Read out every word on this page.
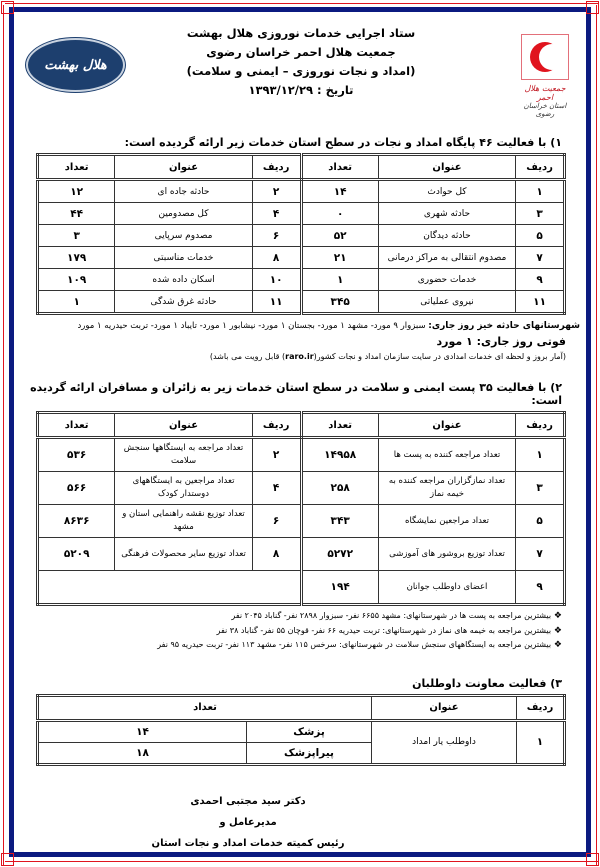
جمعیت هلال احمر
استان خراسان رضوی
ستاد اجرایی خدمات نوروزی هلال بهشت
جمعیت هلال احمر خراسان رضوی
(امداد و نجات نوروزی – ایمنی و سلامت)
تاریخ : ۱۳۹۳/۱۲/۲۹
هلال بهشت
۱) با فعالیت ۴۶ پایگاه امداد و نجات در سطح استان خدمات زیر ارائه گردیده است:
ردیف	عنوان	تعداد	ردیف	عنوان	تعداد
۱	کل حوادث	۱۴	۲	حادثه جاده ای	۱۲
۳	حادثه شهری	۰	۴	کل مصدومین	۴۴
۵	حادثه دیدگان	۵۲	۶	مصدوم سرپایی	۳
۷	مصدوم انتقالی به مراکز درمانی	۲۱	۸	خدمات مناسبتی	۱۷۹
۹	خدمات حضوری	۱	۱۰	اسکان داده شده	۱۰۹
۱۱	نیروی عملیاتی	۳۴۵	۱۱	حادثه غرق شدگی	۱
شهرستانهای حادثه خیز روز جاری: سبزوار ۹ مورد- مشهد ۱ مورد- بجستان ۱ مورد- نیشابور ۱ مورد- تایباد ۱ مورد- تربت حیدریه ۱ مورد
فوتی روز جاری: ۱ مورد
(آمار بروز و لحظه ای خدمات امدادی در سایت سازمان امداد و نجات کشور(raro.ir) قابل رویت می باشد)
۲) با فعالیت ۳۵ پست ایمنی و سلامت در سطح استان خدمات زیر به زائران و مسافران ارائه گردیده است:
ردیف	عنوان	تعداد	ردیف	عنوان	تعداد
۱	تعداد مراجعه کننده به پست ها	۱۴۹۵۸	۲	تعداد مراجعه به ایستگاهها سنجش سلامت	۵۳۶
۳	تعداد نمازگزاران مراجعه کننده به خیمه نماز	۲۵۸	۴	تعداد مراجعین به ایستگاههای دوستدار کودک	۵۶۶
۵	تعداد مراجعین نمایشگاه	۳۴۳	۶	تعداد توزیع نقشه راهنمایی استان و مشهد	۸۶۳۶
۷	تعداد توزیع بروشور های آموزشی	۵۲۷۲	۸	تعداد توزیع سایر محصولات فرهنگی	۵۲۰۹
۹	اعضای داوطلب جوانان	۱۹۴			
❖ بیشترین مراجعه به پست ها در شهرستانهای: مشهد ۶۶۵۵ نفر- سبزوار ۲۸۹۸ نفر- گناباد ۲۰۴۵ نفر
❖ بیشترین مراجعه به خیمه های نماز در شهرستانهای: تربت حیدریه ۶۶ نفر- قوچان ۵۵ نفر- گناباد ۳۸ نفر
❖ بیشترین مراجعه به ایستگاههای سنجش سلامت در شهرستانهای: سرخس ۱۱۵ نفر- مشهد ۱۱۳ نفر- تربت حیدریه ۹۵ نفر
۳) فعالیت معاونت داوطلبان
ردیف	عنوان	تعداد	
۱	داوطلب یار امداد	پزشک	۱۴
		پیراپزشک	۱۸
دکتر سید مجتبی احمدی
مدیرعامل و
رئیس کمیته خدمات امداد و نجات استان
